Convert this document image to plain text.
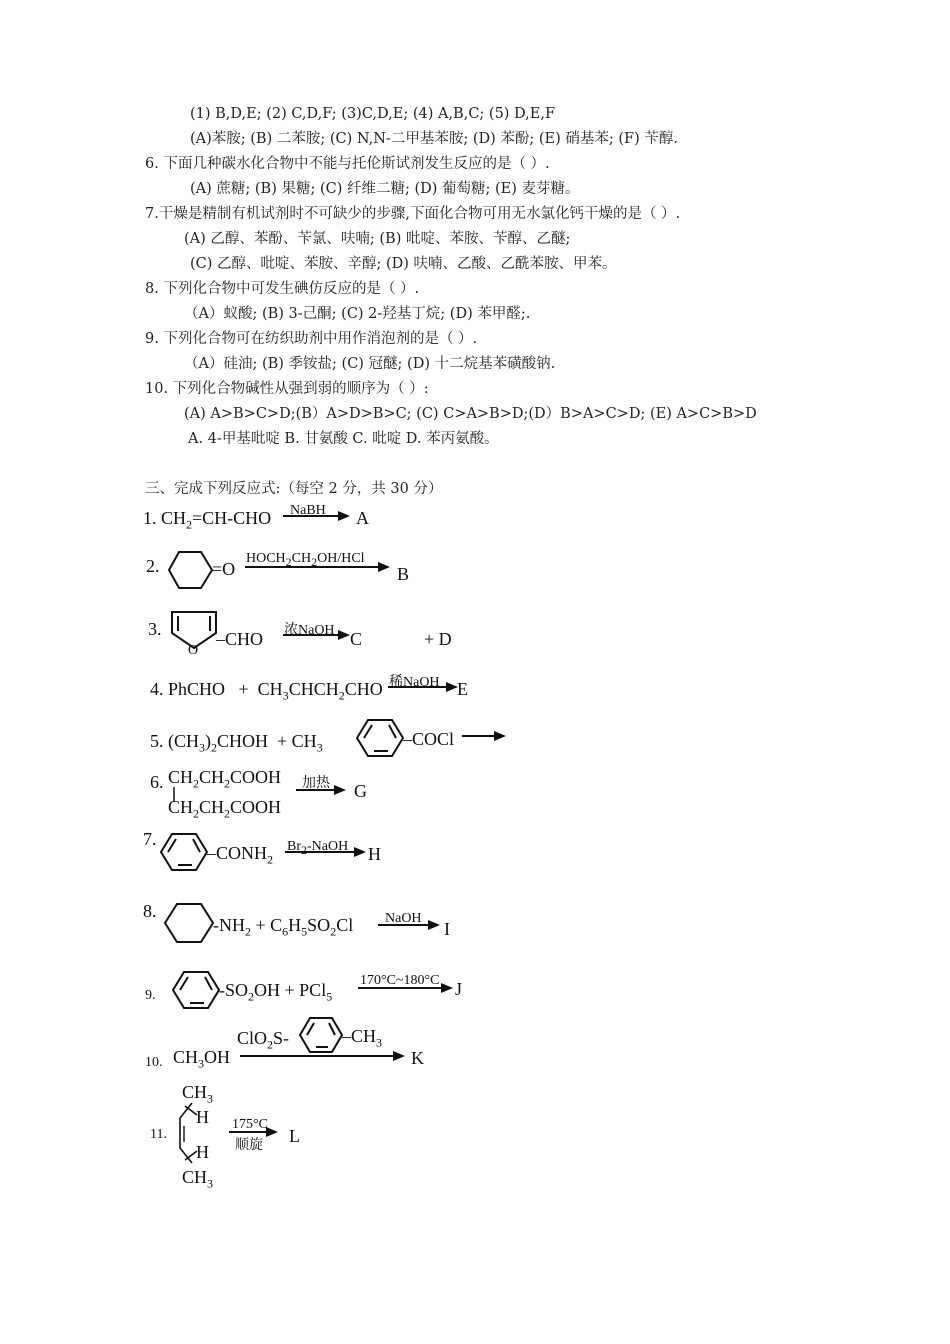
(1) B,D,E; (2) C,D,F; (3)C,D,E; (4) A,B,C; (5) D,E,F
(A)苯胺; (B) 二苯胺; (C) N,N-二甲基苯胺; (D) 苯酚; (E) 硝基苯; (F) 苄醇.
6. 下面几种碳水化合物中不能与托伦斯试剂发生反应的是（ ）.
(A) 蔗糖; (B) 果糖; (C) 纤维二糖; (D) 葡萄糖; (E) 麦芽糖。
7.干燥是精制有机试剂时不可缺少的步骤,下面化合物可用无水氯化钙干燥的是（ ）.
(A) 乙醇、苯酚、苄氯、呋喃; (B) 吡啶、苯胺、苄醇、乙醚;
(C) 乙醇、吡啶、苯胺、辛醇; (D) 呋喃、乙酸、乙酰苯胺、甲苯。
8. 下列化合物中可发生碘仿反应的是（ ）.
（A）蚁酸; (B) 3-己酮; (C) 2-羟基丁烷; (D) 苯甲醛;.
9. 下列化合物可在纺织助剂中用作消泡剂的是（ ）.
（A）硅油; (B) 季铵盐; (C) 冠醚; (D) 十二烷基苯磺酸钠.
10. 下列化合物碱性从强到弱的顺序为（ ）:
(A) A>B>C>D;(B）A>D>B>C; (C) C>A>B>D;(D）B>A>C>D; (E) A>C>B>D
A. 4-甲基吡啶 B. 甘氨酸 C. 吡啶 D. 苯丙氨酸。
三、完成下列反应式:（每空 2 分，共 30 分）
1. $CH_2=CH$-CHO NaBH A
2.	=O
$HOCH_2CH_2OH$/HCl
B
3.
O
–CHO 浓NaOH C	+ D
4. PhCHO + $CH_3CHCH_2CHO$ 稀NaOH E
5. $(CH_3)_2CHOH + CH_3$	–COCl
6. $CH_2CH_2COOH$
$CH_2CH_2COOH$
加热 G
7.
$-CONH_2$
$Br_2$-NaOH H
8.
$-NH_2 + C_6H_5SO_2Cl$ NaOH
I
9.	$-SO_2OH + PCl_5$
170°C~180°C J
10. $CH_3OH$
ClO$_2$S-	$-CH_3$
K
11.
$CH_3$
H
H
$CH_3$
175°C
顺旋 L
